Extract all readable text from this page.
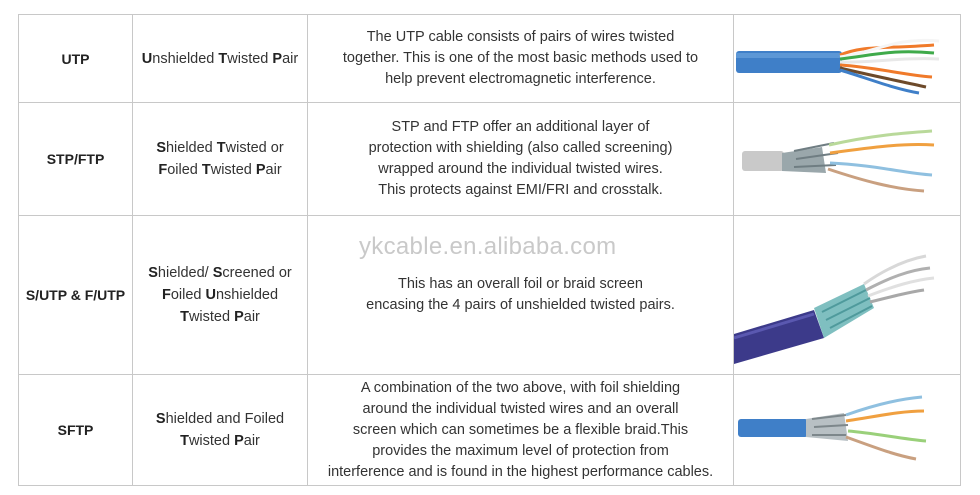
UTP	Unshielded Twisted Pair	The UTP cable consists of pairs of wires twisted
together. This is one of the most basic methods used to
help prevent electromagnetic interference.

STP/FTP	Shielded Twisted or
Foiled Twisted Pair	STP and FTP offer an additional layer of
protection with shielding (also called screening)
wrapped around the individual twisted wires.
This protects against EMI/FRI and crosstalk.

S/UTP & F/UTP	Shielded/ Screened or
Foiled Unshielded
Twisted Pair	This has an overall foil or braid screen
encasing the 4 pairs of unshielded twisted pairs.

SFTP	Shielded and Foiled
Twisted Pair	A combination of the two above, with foil shielding
around the individual twisted wires and an overall
screen which can sometimes be a flexible braid.This
provides the maximum level of protection from
interference and is found in the highest performance cables.

ykcable.en.alibaba.com
